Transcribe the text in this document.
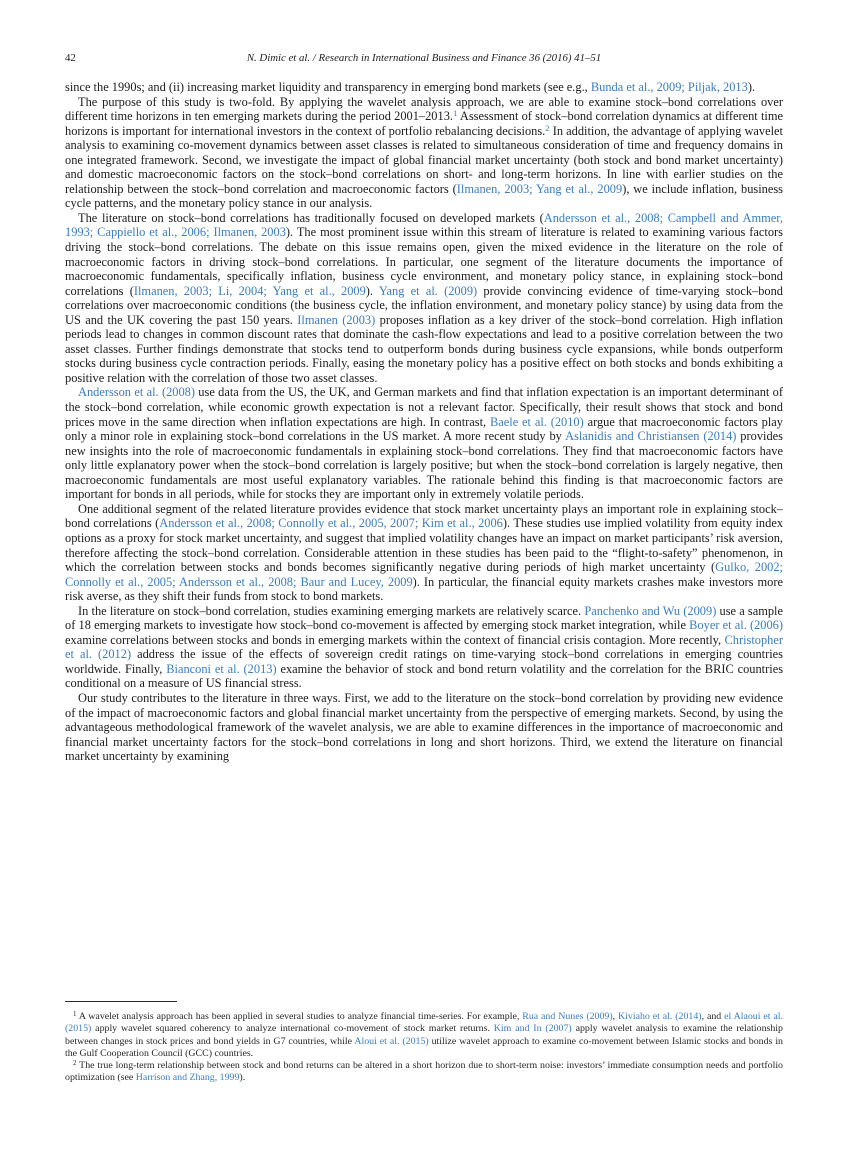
42	N. Dimic et al. / Research in International Business and Finance 36 (2016) 41–51

since the 1990s; and (ii) increasing market liquidity and transparency in emerging bond markets (see e.g., Bunda et al., 2009; Piljak, 2013).

The purpose of this study is two-fold. By applying the wavelet analysis approach, we are able to examine stock–bond correlations over different time horizons in ten emerging markets during the period 2001–2013.$^1$ Assessment of stock–bond correlation dynamics at different time horizons is important for international investors in the context of portfolio rebalancing decisions.$^2$ In addition, the advantage of applying wavelet analysis to examining co-movement dynamics between asset classes is related to simultaneous consideration of time and frequency domains in one integrated framework. Second, we investigate the impact of global financial market uncertainty (both stock and bond market uncertainty) and domestic macroeconomic factors on the stock–bond correlations on short- and long-term horizons. In line with earlier studies on the relationship between the stock–bond correlation and macroeconomic factors (Ilmanen, 2003; Yang et al., 2009), we include inflation, business cycle patterns, and the monetary policy stance in our analysis.

The literature on stock–bond correlations has traditionally focused on developed markets (Andersson et al., 2008; Campbell and Ammer, 1993; Cappiello et al., 2006; Ilmanen, 2003). The most prominent issue within this stream of literature is related to examining various factors driving the stock–bond correlations. The debate on this issue remains open, given the mixed evidence in the literature on the role of macroeconomic factors in driving stock–bond correlations. In particular, one segment of the literature documents the importance of macroeconomic fundamentals, specifically inflation, business cycle environment, and monetary policy stance, in explaining stock–bond correlations (Ilmanen, 2003; Li, 2004; Yang et al., 2009). Yang et al. (2009) provide convincing evidence of time-varying stock–bond correlations over macroeconomic conditions (the business cycle, the inflation environment, and monetary policy stance) by using data from the US and the UK covering the past 150 years. Ilmanen (2003) proposes inflation as a key driver of the stock–bond correlation. High inflation periods lead to changes in common discount rates that dominate the cash-flow expectations and lead to a positive correlation between the two asset classes. Further findings demonstrate that stocks tend to outperform bonds during business cycle expansions, while bonds outperform stocks during business cycle contraction periods. Finally, easing the monetary policy has a positive effect on both stocks and bonds exhibiting a positive relation with the correlation of those two asset classes.

Andersson et al. (2008) use data from the US, the UK, and German markets and find that inflation expectation is an important determinant of the stock–bond correlation, while economic growth expectation is not a relevant factor. Specifically, their result shows that stock and bond prices move in the same direction when inflation expectations are high. In contrast, Baele et al. (2010) argue that macroeconomic factors play only a minor role in explaining stock–bond correlations in the US market. A more recent study by Aslanidis and Christiansen (2014) provides new insights into the role of macroeconomic fundamentals in explaining stock–bond correlations. They find that macroeconomic factors have only little explanatory power when the stock–bond correlation is largely positive; but when the stock–bond correlation is largely negative, then macroeconomic fundamentals are most useful explanatory variables. The rationale behind this finding is that macroeconomic factors are important for bonds in all periods, while for stocks they are important only in extremely volatile periods.

One additional segment of the related literature provides evidence that stock market uncertainty plays an important role in explaining stock–bond correlations (Andersson et al., 2008; Connolly et al., 2005, 2007; Kim et al., 2006). These studies use implied volatility from equity index options as a proxy for stock market uncertainty, and suggest that implied volatility changes have an impact on market participants’ risk aversion, therefore affecting the stock–bond correlation. Considerable attention in these studies has been paid to the “flight-to-safety” phenomenon, in which the correlation between stocks and bonds becomes significantly negative during periods of high market uncertainty (Gulko, 2002; Connolly et al., 2005; Andersson et al., 2008; Baur and Lucey, 2009). In particular, the financial equity markets crashes make investors more risk averse, as they shift their funds from stock to bond markets.

In the literature on stock–bond correlation, studies examining emerging markets are relatively scarce. Panchenko and Wu (2009) use a sample of 18 emerging markets to investigate how stock–bond co-movement is affected by emerging stock market integration, while Boyer et al. (2006) examine correlations between stocks and bonds in emerging markets within the context of financial crisis contagion. More recently, Christopher et al. (2012) address the issue of the effects of sovereign credit ratings on time-varying stock–bond correlations in emerging countries worldwide. Finally, Bianconi et al. (2013) examine the behavior of stock and bond return volatility and the correlation for the BRIC countries conditional on a measure of US financial stress.

Our study contributes to the literature in three ways. First, we add to the literature on the stock–bond correlation by providing new evidence of the impact of macroeconomic factors and global financial market uncertainty from the perspective of emerging markets. Second, by using the advantageous methodological framework of the wavelet analysis, we are able to examine differences in the importance of macroeconomic and financial market uncertainty factors for the stock–bond correlations in long and short horizons. Third, we extend the literature on financial market uncertainty by examining

$^1$ A wavelet analysis approach has been applied in several studies to analyze financial time-series. For example, Rua and Nunes (2009), Kiviaho et al. (2014), and el Alaoui et al. (2015) apply wavelet squared coherency to analyze international co-movement of stock market returns. Kim and In (2007) apply wavelet analysis to examine the relationship between changes in stock prices and bond yields in G7 countries, while Aloui et al. (2015) utilize wavelet approach to examine co-movement between Islamic stocks and bonds in the Gulf Cooperation Council (GCC) countries.

$^2$ The true long-term relationship between stock and bond returns can be altered in a short horizon due to short-term noise: investors’ immediate consumption needs and portfolio optimization (see Harrison and Zhang, 1999).
